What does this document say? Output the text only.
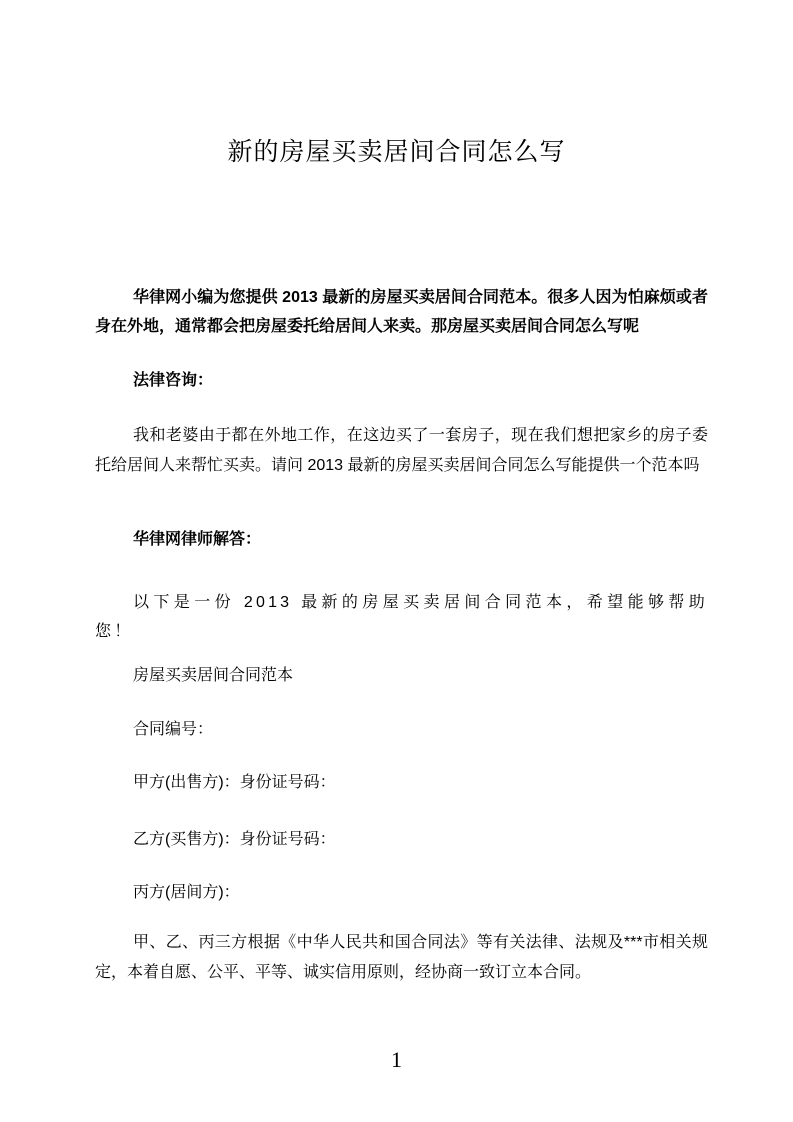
新的房屋买卖居间合同怎么写

华律网小编为您提供 2013 最新的房屋买卖居间合同范本。很多人因为怕麻烦或者身在外地，通常都会把房屋委托给居间人来卖。那房屋买卖居间合同怎么写呢

法律咨询：

我和老婆由于都在外地工作，在这边买了一套房子，现在我们想把家乡的房子委托给居间人来帮忙买卖。请问 2013 最新的房屋买卖居间合同怎么写能提供一个范本吗

华律网律师解答：

以下是一份 2013 最新的房屋买卖居间合同范本，希望能够帮助您！

房屋买卖居间合同范本

合同编号：

甲方(出售方)：身份证号码：

乙方(买售方)：身份证号码：

丙方(居间方)：

甲、乙、丙三方根据《中华人民共和国合同法》等有关法律、法规及***市相关规定，本着自愿、公平、平等、诚实信用原则，经协商一致订立本合同。

1
